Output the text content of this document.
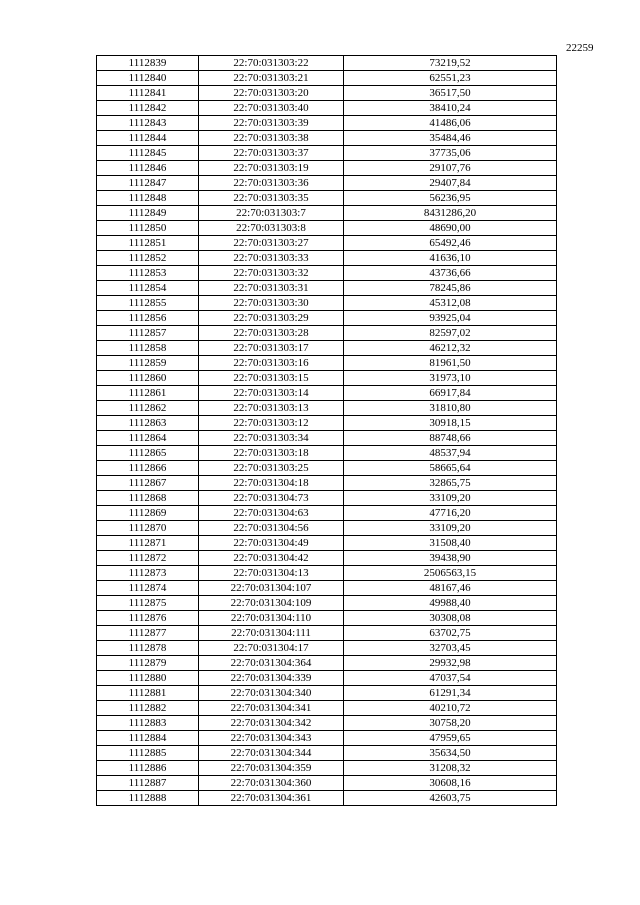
22259
1112839	22:70:031303:22	73219,52
1112840	22:70:031303:21	62551,23
1112841	22:70:031303:20	36517,50
1112842	22:70:031303:40	38410,24
1112843	22:70:031303:39	41486,06
1112844	22:70:031303:38	35484,46
1112845	22:70:031303:37	37735,06
1112846	22:70:031303:19	29107,76
1112847	22:70:031303:36	29407,84
1112848	22:70:031303:35	56236,95
1112849	22:70:031303:7	8431286,20
1112850	22:70:031303:8	48690,00
1112851	22:70:031303:27	65492,46
1112852	22:70:031303:33	41636,10
1112853	22:70:031303:32	43736,66
1112854	22:70:031303:31	78245,86
1112855	22:70:031303:30	45312,08
1112856	22:70:031303:29	93925,04
1112857	22:70:031303:28	82597,02
1112858	22:70:031303:17	46212,32
1112859	22:70:031303:16	81961,50
1112860	22:70:031303:15	31973,10
1112861	22:70:031303:14	66917,84
1112862	22:70:031303:13	31810,80
1112863	22:70:031303:12	30918,15
1112864	22:70:031303:34	88748,66
1112865	22:70:031303:18	48537,94
1112866	22:70:031303:25	58665,64
1112867	22:70:031304:18	32865,75
1112868	22:70:031304:73	33109,20
1112869	22:70:031304:63	47716,20
1112870	22:70:031304:56	33109,20
1112871	22:70:031304:49	31508,40
1112872	22:70:031304:42	39438,90
1112873	22:70:031304:13	2506563,15
1112874	22:70:031304:107	48167,46
1112875	22:70:031304:109	49988,40
1112876	22:70:031304:110	30308,08
1112877	22:70:031304:111	63702,75
1112878	22:70:031304:17	32703,45
1112879	22:70:031304:364	29932,98
1112880	22:70:031304:339	47037,54
1112881	22:70:031304:340	61291,34
1112882	22:70:031304:341	40210,72
1112883	22:70:031304:342	30758,20
1112884	22:70:031304:343	47959,65
1112885	22:70:031304:344	35634,50
1112886	22:70:031304:359	31208,32
1112887	22:70:031304:360	30608,16
1112888	22:70:031304:361	42603,75
